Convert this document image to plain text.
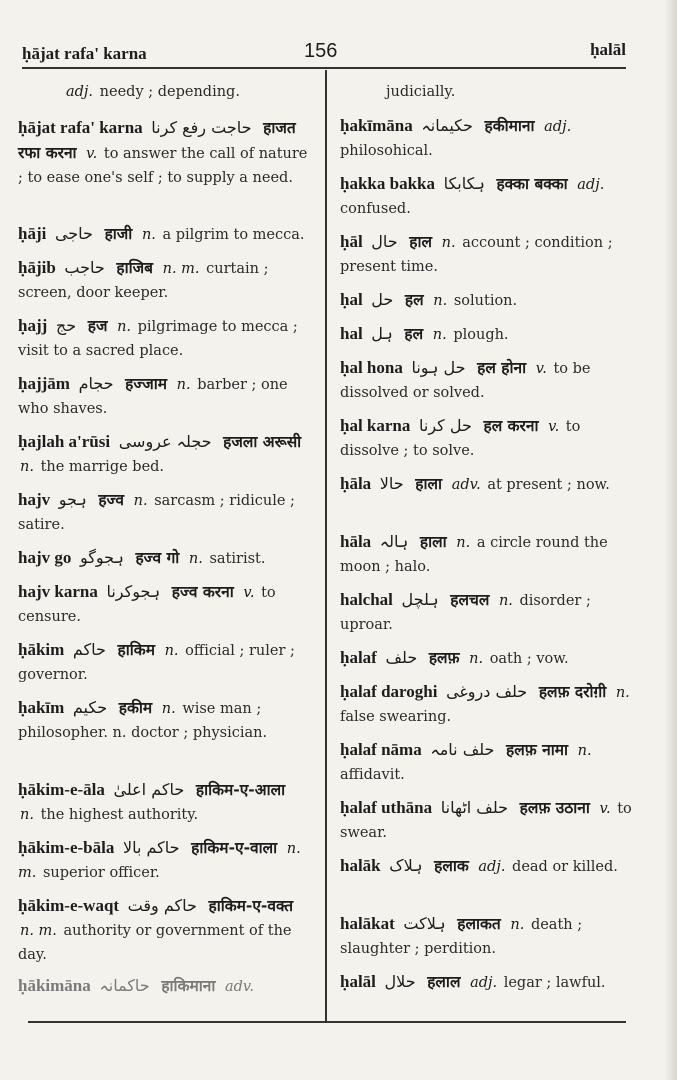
ḥājat rafa' karna	156	ḥalāl
adj. needy ; depending.
ḥājat rafa' karna حاجت رفع کرنا हाजत रफा करना v. to answer the call of nature ; to ease one's self ; to supply a need.
ḥāji حاجی हाजी n. a pilgrim to mecca.
ḥājib حاجب हाजिब n. m. curtain ; screen, door keeper.
ḥajj حج हज n. pilgrimage to mecca ; visit to a sacred place.
ḥajjām حجام हज्जाम n. barber ; one who shaves.
ḥajlah a'rūsi حجلہ عروسی हजला अरूसी n. the marrige bed.
hajv ہجو हज्व n. sarcasm ; ridicule ; satire.
hajv go ہجوگو हज्व गो n. satirist.
hajv karna ہجوکرنا हज्व करना v. to censure.
ḥākim حاکم हाकिम n. official ; ruler ; governor.
ḥakīm حکیم हकीम n. wise man ; philosopher. n. doctor ; physician.
ḥākim-e-āla حاکم اعلیٰ हाकिम-ए-आला n. the highest authority.
ḥākim-e-bāla حاکم بالا हाकिम-ए-वाला n. m. superior officer.
ḥākim-e-waqt حاکم وقت हाकिम-ए-वक्त n. m. authority or government of the day.
ḥākimāna حاکمانہ हाकिमाना adv.
judicially.
ḥakīmāna حکیمانہ हकीमाना adj. philosohical.
ḥakka bakka ہکابکا हक्का बक्का adj. confused.
ḥāl حال हाल n. account ; condition ; present time.
ḥal حل हल n. solution.
hal ہل हल n. plough.
ḥal hona حل ہونا हल होना v. to be dissolved or solved.
ḥal karna حل کرنا हल करना v. to dissolve ; to solve.
ḥāla حالا हाला adv. at present ; now.
hāla ہالہ हाला n. a circle round the moon ; halo.
halchal ہلچل हलचल n. disorder ; uproar.
ḥalaf حلف हलफ़ n. oath ; vow.
ḥalaf daroghi حلف دروغی हलफ़ दरोग़ी n. false swearing.
ḥalaf nāma حلف نامہ हलफ़ नामा n. affidavit.
ḥalaf uthāna حلف اٹھانا हलफ़ उठाना v. to swear.
halāk ہلاک हलाक adj. dead or killed.
halākat ہلاکت हलाकत n. death ; slaughter ; perdition.
ḥalāl حلال हलाल adj. legar ; lawful.
